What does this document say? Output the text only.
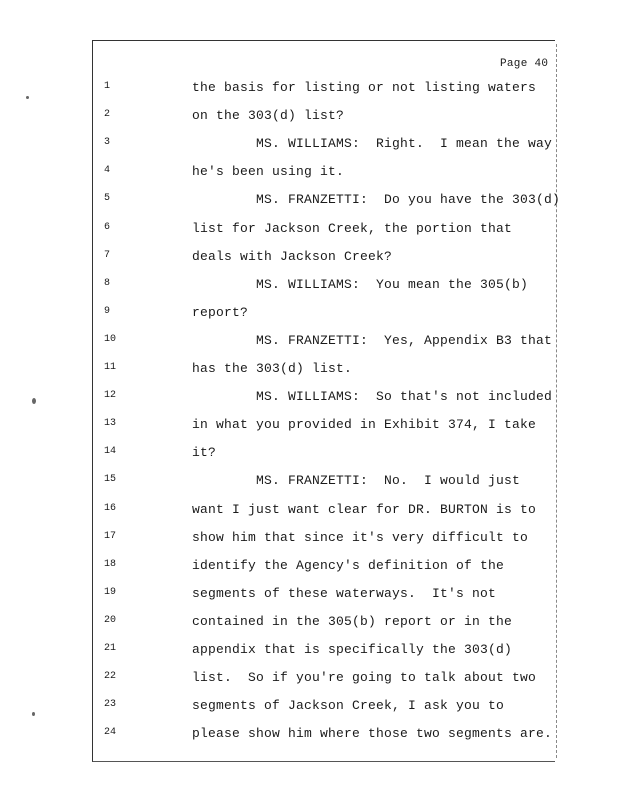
Page 40
1	the basis for listing or not listing waters
2	on the 303(d) list?
3	MS. WILLIAMS:  Right.  I mean the way
4	he's been using it.
5	MS. FRANZETTI:  Do you have the 303(d)
6	list for Jackson Creek, the portion that
7	deals with Jackson Creek?
8	MS. WILLIAMS:  You mean the 305(b)
9	report?
10	MS. FRANZETTI:  Yes, Appendix B3 that
11	has the 303(d) list.
12	MS. WILLIAMS:  So that's not included
13	in what you provided in Exhibit 374, I take
14	it?
15	MS. FRANZETTI:  No.  I would just
16	want I just want clear for DR. BURTON is to
17	show him that since it's very difficult to
18	identify the Agency's definition of the
19	segments of these waterways.  It's not
20	contained in the 305(b) report or in the
21	appendix that is specifically the 303(d)
22	list.  So if you're going to talk about two
23	segments of Jackson Creek, I ask you to
24	please show him where those two segments are.
